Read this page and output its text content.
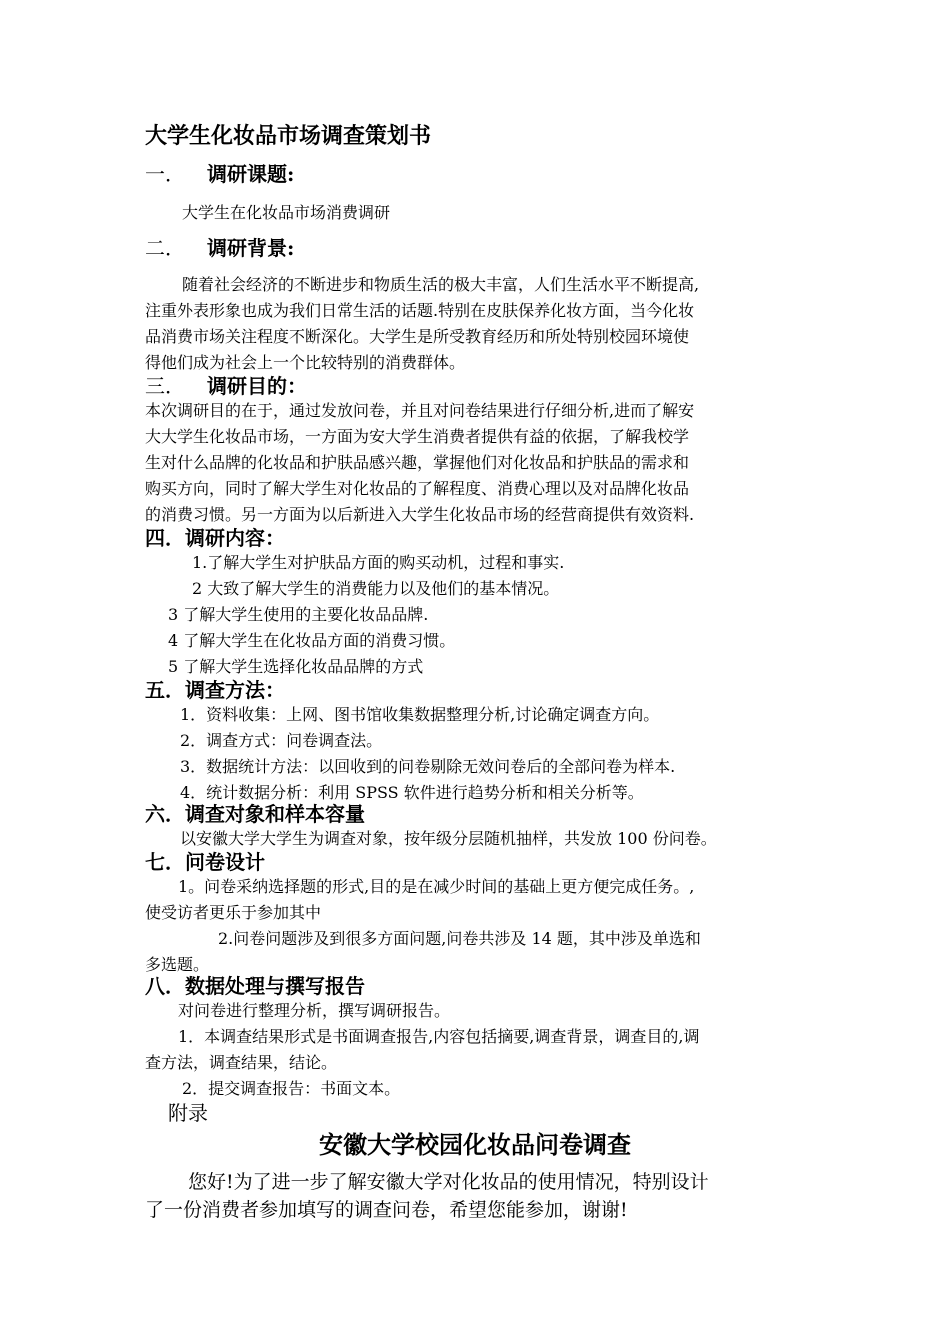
大学生化妆品市场调查策划书
一． 调研课题:
大学生在化妆品市场消费调研
二． 调研背景:
随着社会经济的不断进步和物质生活的极大丰富，人们生活水平不断提高,
注重外表形象也成为我们日常生活的话题.特别在皮肤保养化妆方面，当今化妆
品消费市场关注程度不断深化。大学生是所受教育经历和所处特别校园环境使
得他们成为社会上一个比较特别的消费群体。
三． 调研目的：
本次调研目的在于，通过发放问卷，并且对问卷结果进行仔细分析,进而了解安
大大学生化妆品市场，一方面为安大学生消费者提供有益的依据，了解我校学
生对什么品牌的化妆品和护肤品感兴趣，掌握他们对化妆品和护肤品的需求和
购买方向，同时了解大学生对化妆品的了解程度、消费心理以及对品牌化妆品
的消费习惯。另一方面为以后新进入大学生化妆品市场的经营商提供有效资料.
四．调研内容：
1.了解大学生对护肤品方面的购买动机，过程和事实.
2 大致了解大学生的消费能力以及他们的基本情况。
3 了解大学生使用的主要化妆品品牌.
4 了解大学生在化妆品方面的消费习惯。
5 了解大学生选择化妆品品牌的方式
五．调查方法：
1．资料收集：上网、图书馆收集数据整理分析,讨论确定调查方向。
2．调查方式：问卷调查法。
3．数据统计方法：以回收到的问卷剔除无效问卷后的全部问卷为样本.
4．统计数据分析：利用 SPSS 软件进行趋势分析和相关分析等。
六．调查对象和样本容量
以安徽大学大学生为调查对象，按年级分层随机抽样，共发放 100 份问卷。
七．问卷设计
1。问卷采纳选择题的形式,目的是在减少时间的基础上更方便完成任务。,
使受访者更乐于参加其中
2.问卷问题涉及到很多方面问题,问卷共涉及 14 题，其中涉及单选和
多选题。
八．数据处理与撰写报告
对问卷进行整理分析，撰写调研报告。
1．本调查结果形式是书面调查报告,内容包括摘要,调查背景，调查目的,调
查方法，调查结果，结论。
2．提交调查报告：书面文本。
附录
安徽大学校园化妆品问卷调查
您好!为了进一步了解安徽大学对化妆品的使用情况，特别设计
了一份消费者参加填写的调查问卷，希望您能参加，谢谢!
